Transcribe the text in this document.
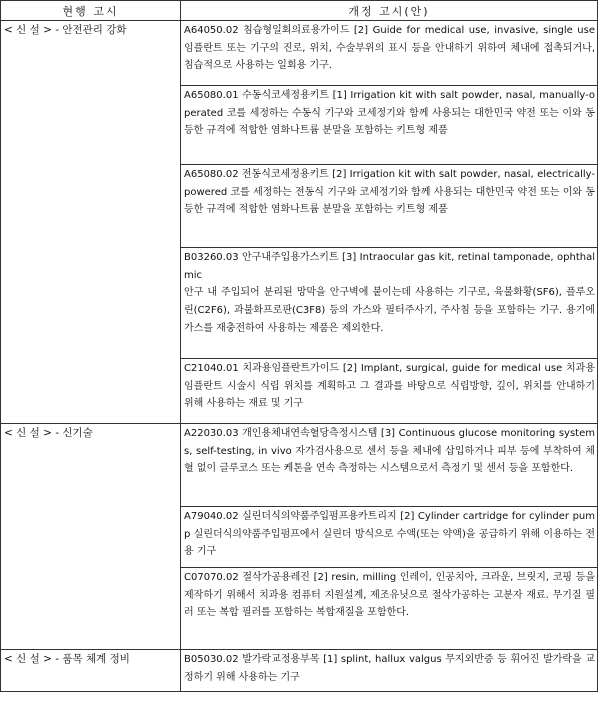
현행 고시	개정 고시(안)
< 신 설 > - 안전관리 강화	A64050.02 침습형일회의료용가이드 [2] Guide for medical use, invasive, single use 임플란트 또는 기구의 진로, 위치, 수술부위의 표시 등을 안내하기 위하여 체내에 접촉되거나, 침습적으로 사용하는 일회용 기구.
	A65080.01 수동식코세정용키트 [1] Irrigation kit with salt powder, nasal, manually-operated 코를 세정하는 수동식 기구와 코세정기와 함께 사용되는 대한민국 약전 또는 이와 동등한 규격에 적합한 염화나트륨 분말을 포함하는 키트형 제품
	A65080.02 전동식코세정용키트 [2] Irrigation kit with salt powder, nasal, electrically-powered 코를 세정하는 전동식 기구와 코세정기와 함께 사용되는 대한민국 약전 또는 이와 동등한 규격에 적합한 염화나트륨 분말을 포함하는 키트형 제품
	B03260.03 안구내주입용가스키트 [3] Intraocular gas kit, retinal tamponade, ophthalmic
안구 내 주입되어 분리된 망막을 안구벽에 붙이는데 사용하는 기구로, 육불화황(SF6), 플루오린(C2F6), 과불화프로판(C3F8) 등의 가스와 필터주사기, 주사침 등을 포함하는 기구. 용기에 가스를 재충전하여 사용하는 제품은 제외한다.
	C21040.01 치과용임플란트가이드 [2] Implant, surgical, guide for medical use 치과용임플란트 시술시 식립 위치를 계획하고 그 결과를 바탕으로 식립방향, 깊이, 위치를 안내하기 위해 사용하는 재료 및 기구
< 신 설 > - 신기술	A22030.03 개인용체내연속혈당측정시스템 [3] Continuous glucose monitoring systems, self-testing, in vivo 자가검사용으로 센서 등을 체내에 삽입하거나 피부 등에 부착하여 체혈 없이 글루코스 또는 케톤을 연속 측정하는 시스템으로서 측정기 및 센서 등을 포함한다.
	A79040.02 실린더식의약품주입펌프용카트리지 [2] Cylinder cartridge for cylinder pump 실린더식의약품주입펌프에서 실린더 방식으로 수액(또는 약액)을 공급하기 위해 이용하는 전용 기구
	C07070.02 절삭가공용레진 [2] resin, milling 인레이, 인공치아, 크라운, 브릿지, 코핑 등을 제작하기 위해서 치과용 컴퓨터 지원설계, 제조유닛으로 절삭가공하는 고분자 재료. 무기질 필러 또는 복합 필러를 포함하는 복합재질을 포함한다.
< 신 설 > - 품목 체계 정비	B05030.02 발가락교정용부목 [1] splint, hallux valgus 무지외반증 등 휘어진 발가락을 교정하기 위해 사용하는 기구
